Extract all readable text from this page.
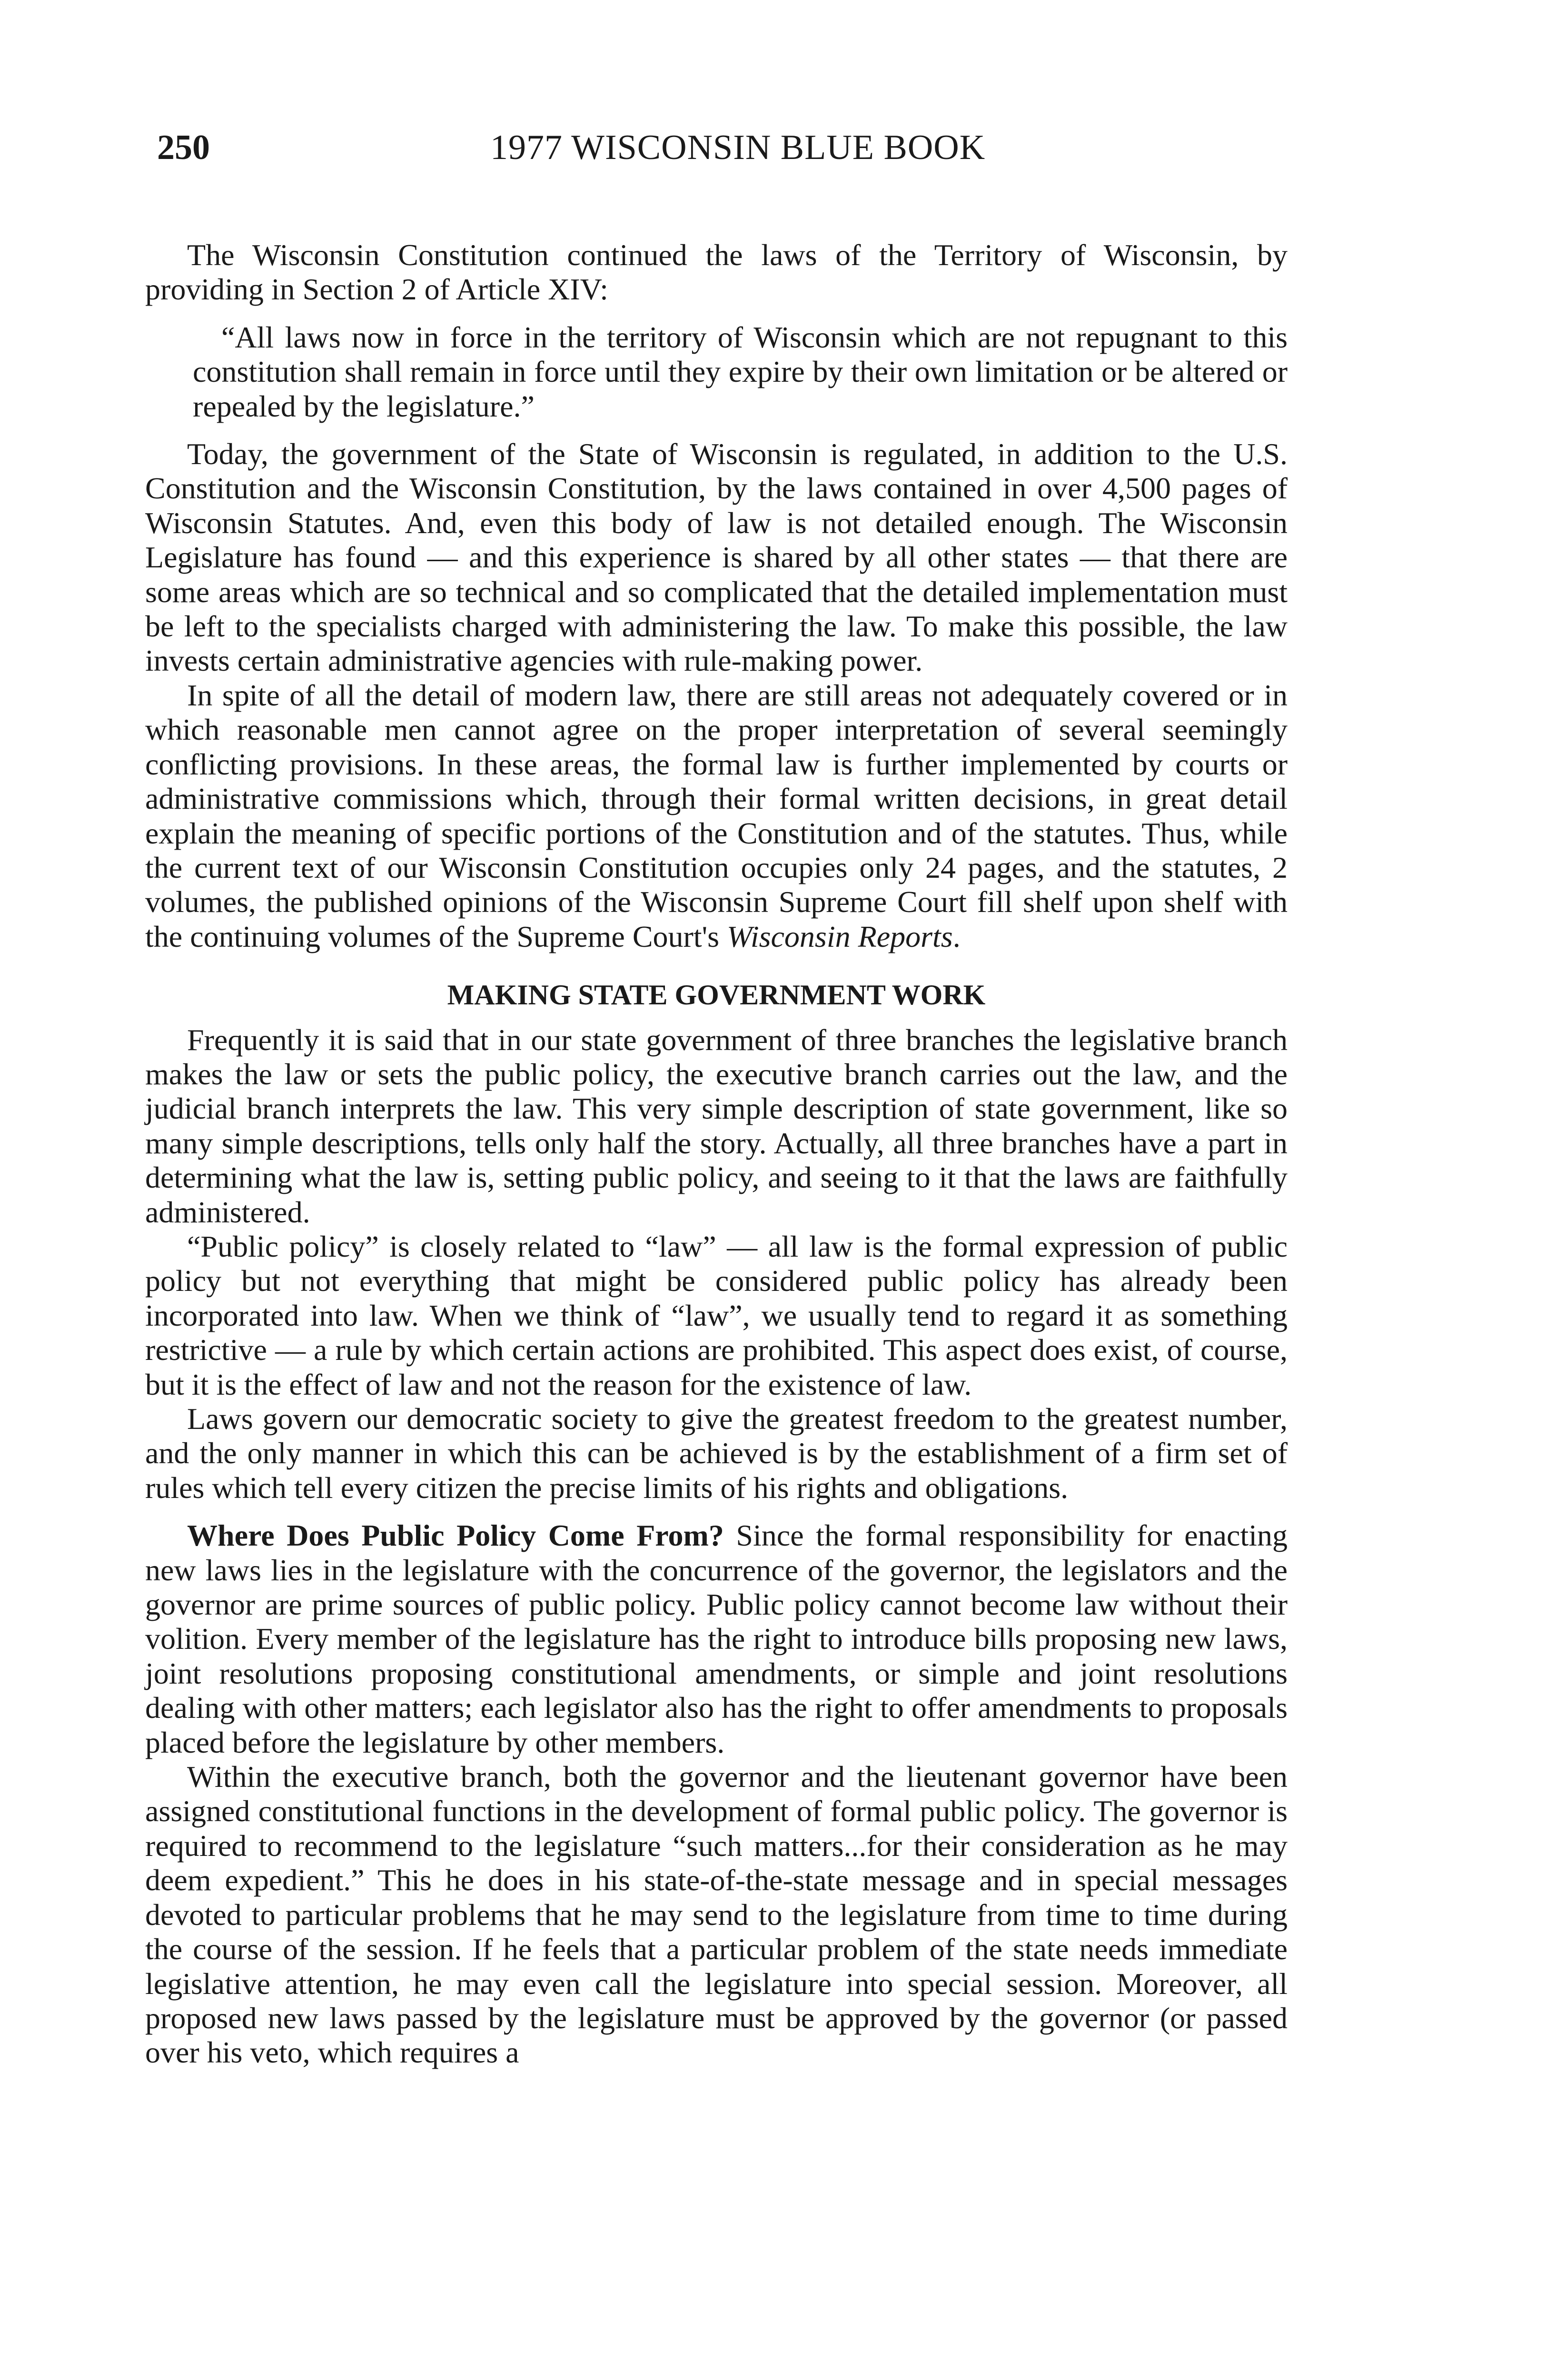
250	1977 WISCONSIN BLUE BOOK

The Wisconsin Constitution continued the laws of the Territory of Wisconsin, by providing in Section 2 of Article XIV:

“All laws now in force in the territory of Wisconsin which are not repugnant to this constitution shall remain in force until they expire by their own limitation or be altered or repealed by the legislature.”

Today, the government of the State of Wisconsin is regulated, in addition to the U.S. Constitution and the Wisconsin Constitution, by the laws contained in over 4,500 pages of Wisconsin Statutes. And, even this body of law is not detailed enough. The Wisconsin Legislature has found — and this experience is shared by all other states — that there are some areas which are so technical and so complicated that the detailed implementation must be left to the specialists charged with administering the law. To make this possible, the law invests certain administrative agencies with rule-making power.

In spite of all the detail of modern law, there are still areas not adequately covered or in which reasonable men cannot agree on the proper interpretation of several seemingly conflicting provisions. In these areas, the formal law is further implemented by courts or administrative commissions which, through their formal written decisions, in great detail explain the meaning of specific portions of the Constitution and of the statutes. Thus, while the current text of our Wisconsin Constitution occupies only 24 pages, and the statutes, 2 volumes, the published opinions of the Wisconsin Supreme Court fill shelf upon shelf with the continuing volumes of the Supreme Court's Wisconsin Reports.

MAKING STATE GOVERNMENT WORK

Frequently it is said that in our state government of three branches the legislative branch makes the law or sets the public policy, the executive branch carries out the law, and the judicial branch interprets the law. This very simple description of state government, like so many simple descriptions, tells only half the story. Actually, all three branches have a part in determining what the law is, setting public policy, and seeing to it that the laws are faithfully administered.

“Public policy” is closely related to “law” — all law is the formal expression of public policy but not everything that might be considered public policy has already been incorporated into law. When we think of “law”, we usually tend to regard it as something restrictive — a rule by which certain actions are prohibited. This aspect does exist, of course, but it is the effect of law and not the reason for the existence of law.

Laws govern our democratic society to give the greatest freedom to the greatest number, and the only manner in which this can be achieved is by the establishment of a firm set of rules which tell every citizen the precise limits of his rights and obligations.

Where Does Public Policy Come From? Since the formal responsibility for enacting new laws lies in the legislature with the concurrence of the governor, the legislators and the governor are prime sources of public policy. Public policy cannot become law without their volition. Every member of the legislature has the right to introduce bills proposing new laws, joint resolutions proposing constitutional amendments, or simple and joint resolutions dealing with other matters; each legislator also has the right to offer amendments to proposals placed before the legislature by other members.

Within the executive branch, both the governor and the lieutenant governor have been assigned constitutional functions in the development of formal public policy. The governor is required to recommend to the legislature “such matters...for their consideration as he may deem expedient.” This he does in his state-of-the-state message and in special messages devoted to particular problems that he may send to the legislature from time to time during the course of the session. If he feels that a particular problem of the state needs immediate legislative attention, he may even call the legislature into special session. Moreover, all proposed new laws passed by the legislature must be approved by the governor (or passed over his veto, which requires a
